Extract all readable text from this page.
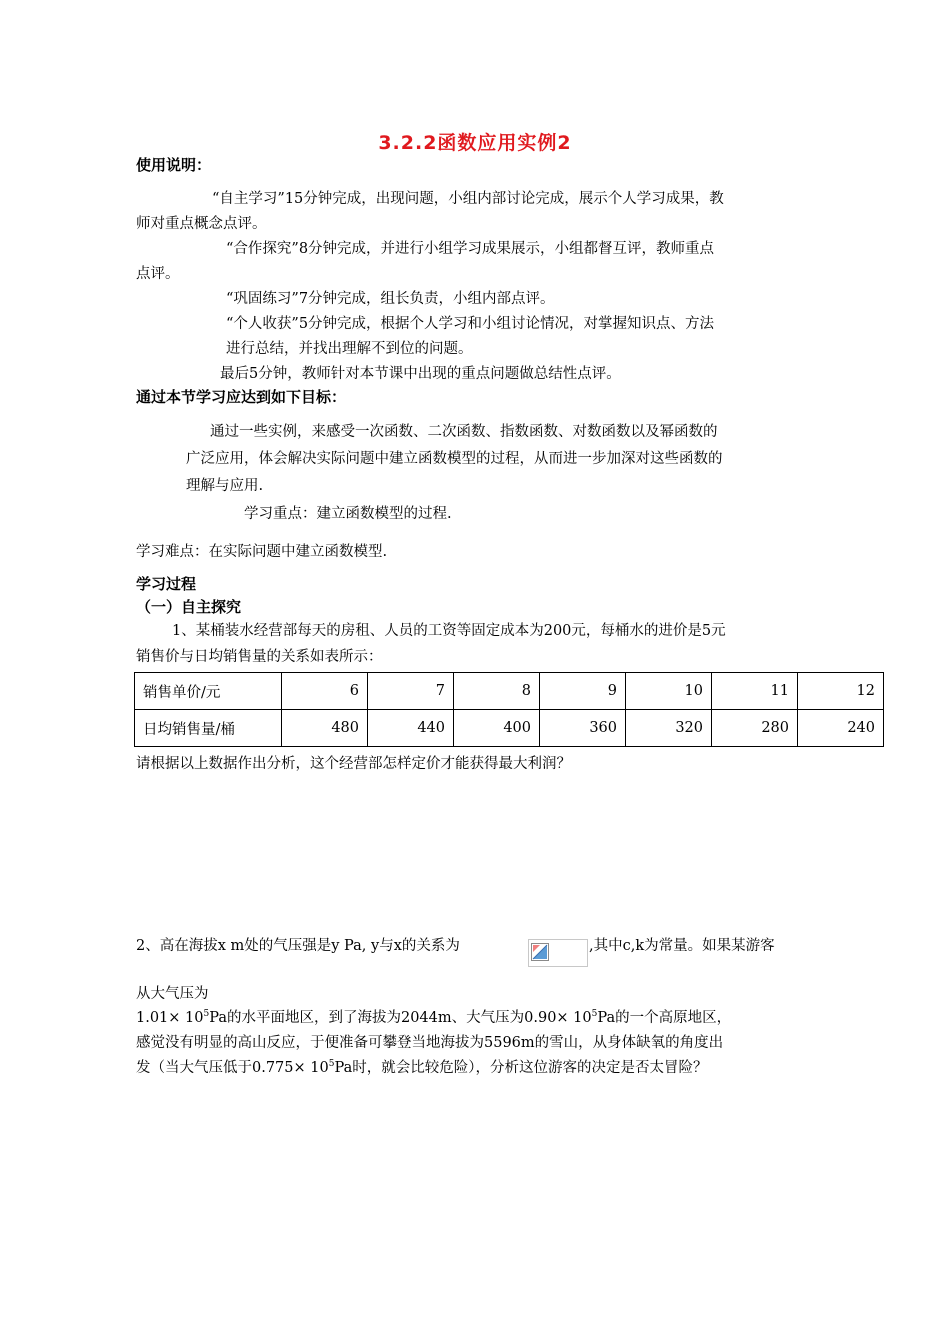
3.2.2函数应用实例2
使用说明：
“自主学习”15分钟完成，出现问题，小组内部讨论完成，展示个人学习成果，教
师对重点概念点评。
“合作探究”8分钟完成，并进行小组学习成果展示，小组都督互评，教师重点
点评。
“巩固练习”7分钟完成，组长负责，小组内部点评。
“个人收获”5分钟完成，根据个人学习和小组讨论情况，对掌握知识点、方法
进行总结，并找出理解不到位的问题。
最后5分钟，教师针对本节课中出现的重点问题做总结性点评。
通过本节学习应达到如下目标：
通过一些实例，来感受一次函数、二次函数、指数函数、对数函数以及幂函数的
广泛应用，体会解决实际问题中建立函数模型的过程，从而进一步加深对这些函数的
理解与应用.
学习重点：建立函数模型的过程.
学习难点：在实际问题中建立函数模型.
学习过程
（一）自主探究
1、某桶装水经营部每天的房租、人员的工资等固定成本为200元，每桶水的进价是5元
销售价与日均销售量的关系如表所示：
销售单价/元	6	7	8	9	10	11	12
日均销售量/桶	480	440	400	360	320	280	240
请根据以上数据作出分析，这个经营部怎样定价才能获得最大利润？
2、高在海拔x m处的气压强是y Pa, y与x的关系为	,其中c,k为常量。如果某游客
从大气压为
$1.01\times 10^5Pa$的水平面地区，到了海拔为2044m、大气压为$0.90\times 10^5Pa$的一个高原地区，
感觉没有明显的高山反应，于便准备可攀登当地海拔为5596m的雪山，从身体缺氧的角度出
发（当大气压低于$0.775\times 10^5Pa$时，就会比较危险），分析这位游客的决定是否太冒险？
